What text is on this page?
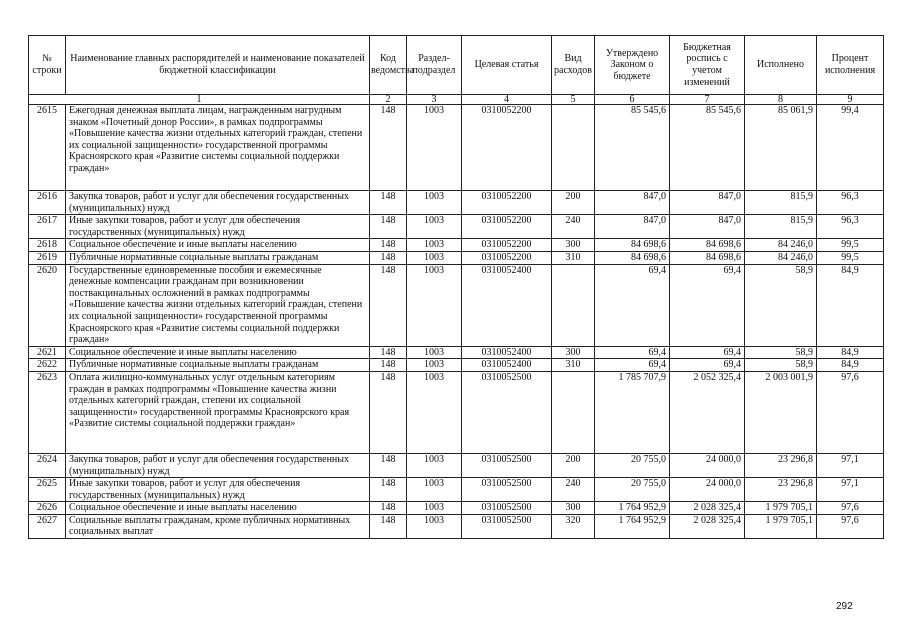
№ строки	Наименование главных распорядителей и наименование показателей бюджетной классификации	Код ведомства	Раздел-подраздел	Целевая статья	Вид расходов	Утверждено Законом о бюджете	Бюджетная роспись с учетом изменений	Исполнено	Процент исполнения
1		2	3	4	5	6	7	8	9
2615	Ежегодная денежная выплата лицам, награжденным нагрудным знаком «Почетный донор России», в рамках подпрограммы «Повышение качества жизни отдельных категорий граждан, степени их социальной защищенности» государственной программы Красноярского края «Развитие системы социальной поддержки граждан»	148	1003	0310052200		85 545,6	85 545,6	85 061,9	99,4
2616	Закупка товаров, работ и услуг для обеспечения государственных (муниципальных) нужд	148	1003	0310052200	200	847,0	847,0	815,9	96,3
2617	Иные закупки товаров, работ и услуг для обеспечения государственных (муниципальных) нужд	148	1003	0310052200	240	847,0	847,0	815,9	96,3
2618	Социальное обеспечение и иные выплаты населению	148	1003	0310052200	300	84 698,6	84 698,6	84 246,0	99,5
2619	Публичные нормативные социальные выплаты гражданам	148	1003	0310052200	310	84 698,6	84 698,6	84 246,0	99,5
2620	Государственные единовременные пособия и ежемесячные денежные компенсации гражданам при возникновении поствакцинальных осложнений в рамках подпрограммы «Повышение качества жизни отдельных категорий граждан, степени их социальной защищенности» государственной программы Красноярского края «Развитие системы социальной поддержки граждан»	148	1003	0310052400		69,4	69,4	58,9	84,9
2621	Социальное обеспечение и иные выплаты населению	148	1003	0310052400	300	69,4	69,4	58,9	84,9
2622	Публичные нормативные социальные выплаты гражданам	148	1003	0310052400	310	69,4	69,4	58,9	84,9
2623	Оплата жилищно-коммунальных услуг отдельным категориям граждан в рамках подпрограммы «Повышение качества жизни отдельных категорий граждан, степени их социальной защищенности» государственной программы Красноярского края «Развитие системы социальной поддержки граждан»	148	1003	0310052500		1 785 707,9	2 052 325,4	2 003 001,9	97,6
2624	Закупка товаров, работ и услуг для обеспечения государственных (муниципальных) нужд	148	1003	0310052500	200	20 755,0	24 000,0	23 296,8	97,1
2625	Иные закупки товаров, работ и услуг для обеспечения государственных (муниципальных) нужд	148	1003	0310052500	240	20 755,0	24 000,0	23 296,8	97,1
2626	Социальное обеспечение и иные выплаты населению	148	1003	0310052500	300	1 764 952,9	2 028 325,4	1 979 705,1	97,6
2627	Социальные выплаты гражданам, кроме публичных нормативных социальных выплат	148	1003	0310052500	320	1 764 952,9	2 028 325,4	1 979 705,1	97,6
292
